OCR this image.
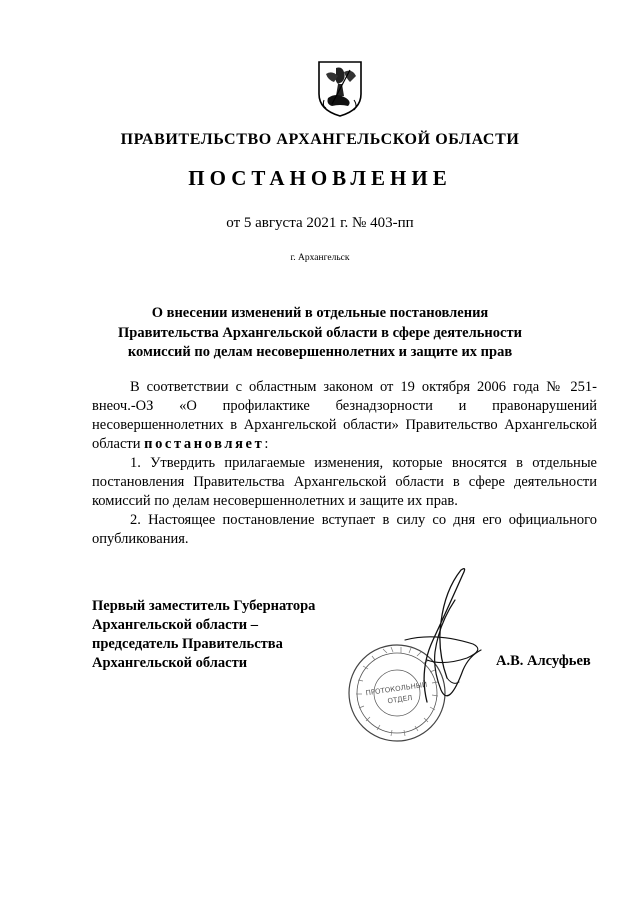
ПРАВИТЕЛЬСТВО АРХАНГЕЛЬСКОЙ ОБЛАСТИ
ПОСТАНОВЛЕНИЕ
от 5 августа 2021 г. № 403-пп
г. Архангельск
О внесении изменений в отдельные постановления
Правительства Архангельской области в сфере деятельности
комиссий по делам несовершеннолетних и защите их прав

В соответствии с областным законом от 19 октября 2006 года № 251-внеоч.-ОЗ «О профилактике безнадзорности и правонарушений несовершеннолетних в Архангельской области» Правительство Архангельской области постановляет:

1. Утвердить прилагаемые изменения, которые вносятся в отдельные постановления Правительства Архангельской области в сфере деятельности комиссий по делам несовершеннолетних и защите их прав.

2. Настоящее постановление вступает в силу со дня его официального опубликования.

Первый заместитель Губернатора
Архангельской области –
председатель Правительства
Архангельской области	А.В. Алсуфьев
ПРОТОКОЛЬНЫЙ
ОТДЕЛ
